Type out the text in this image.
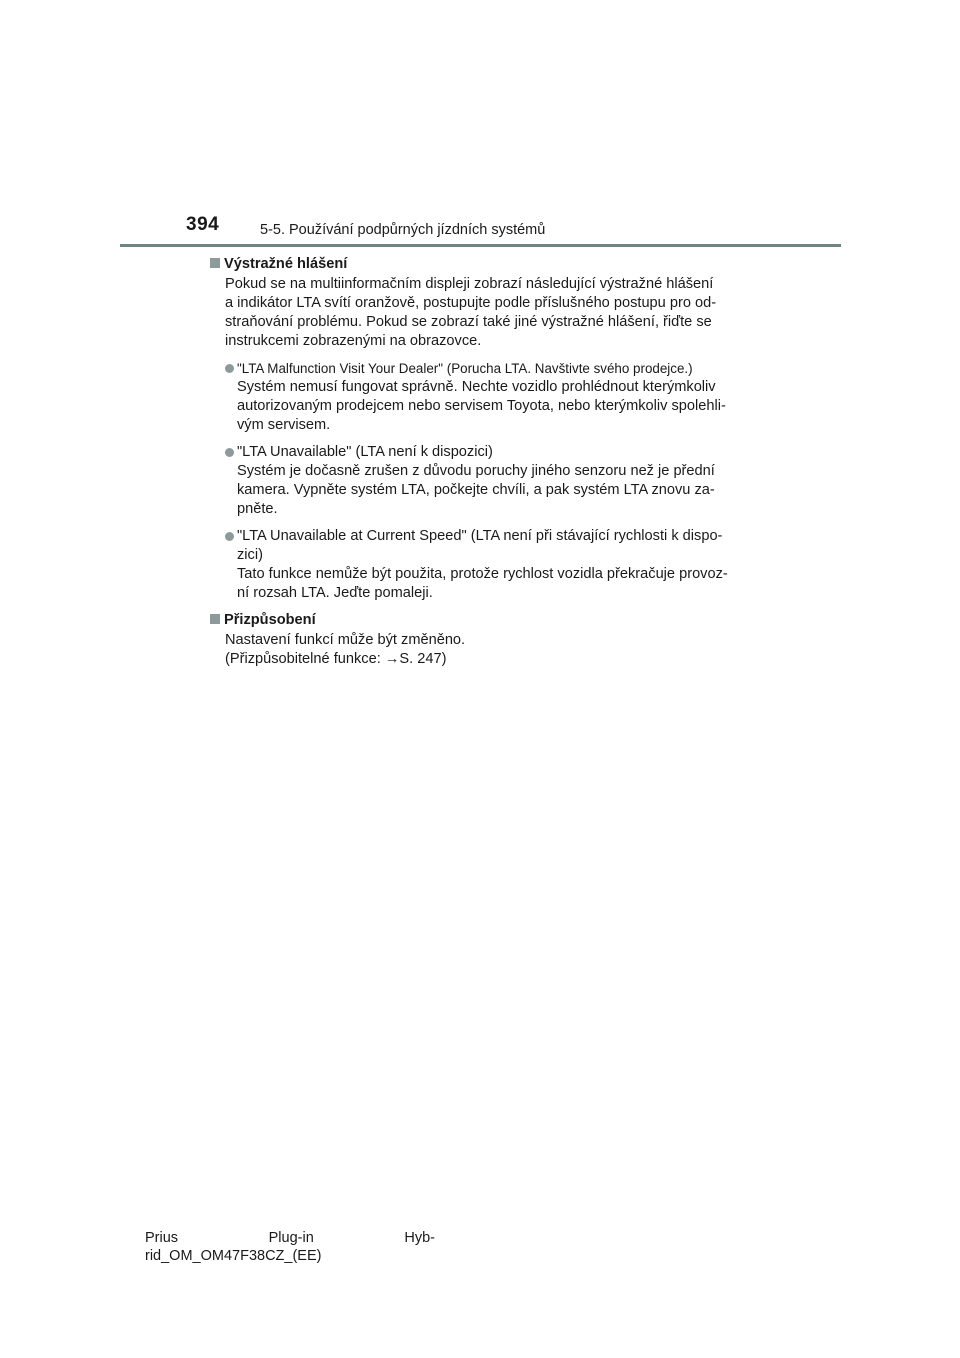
394	5-5. Používání podpůrných jízdních systémů
Výstražné hlášení
Pokud se na multiinformačním displeji zobrazí následující výstražné hlášení
a indikátor LTA svítí oranžově, postupujte podle příslušného postupu pro od-
straňování problému. Pokud se zobrazí také jiné výstražné hlášení, řiďte se
instrukcemi zobrazenými na obrazovce.
"LTA Malfunction Visit Your Dealer" (Porucha LTA. Navštivte svého prodejce.)
Systém nemusí fungovat správně. Nechte vozidlo prohlédnout kterýmkoliv
autorizovaným prodejcem nebo servisem Toyota, nebo kterýmkoliv spolehli-
vým servisem.
"LTA Unavailable" (LTA není k dispozici)
Systém je dočasně zrušen z důvodu poruchy jiného senzoru než je přední
kamera. Vypněte systém LTA, počkejte chvíli, a pak systém LTA znovu za-
pněte.
"LTA Unavailable at Current Speed" (LTA není při stávající rychlosti k dispo-
zici)
Tato funkce nemůže být použita, protože rychlost vozidla překračuje provoz-
ní rozsah LTA. Jeďte pomaleji.
Přizpůsobení
Nastavení funkcí může být změněno.
(Přizpůsobitelné funkce: →S. 247)
Prius	Plug-in	Hyb-
rid_OM_OM47F38CZ_(EE)
